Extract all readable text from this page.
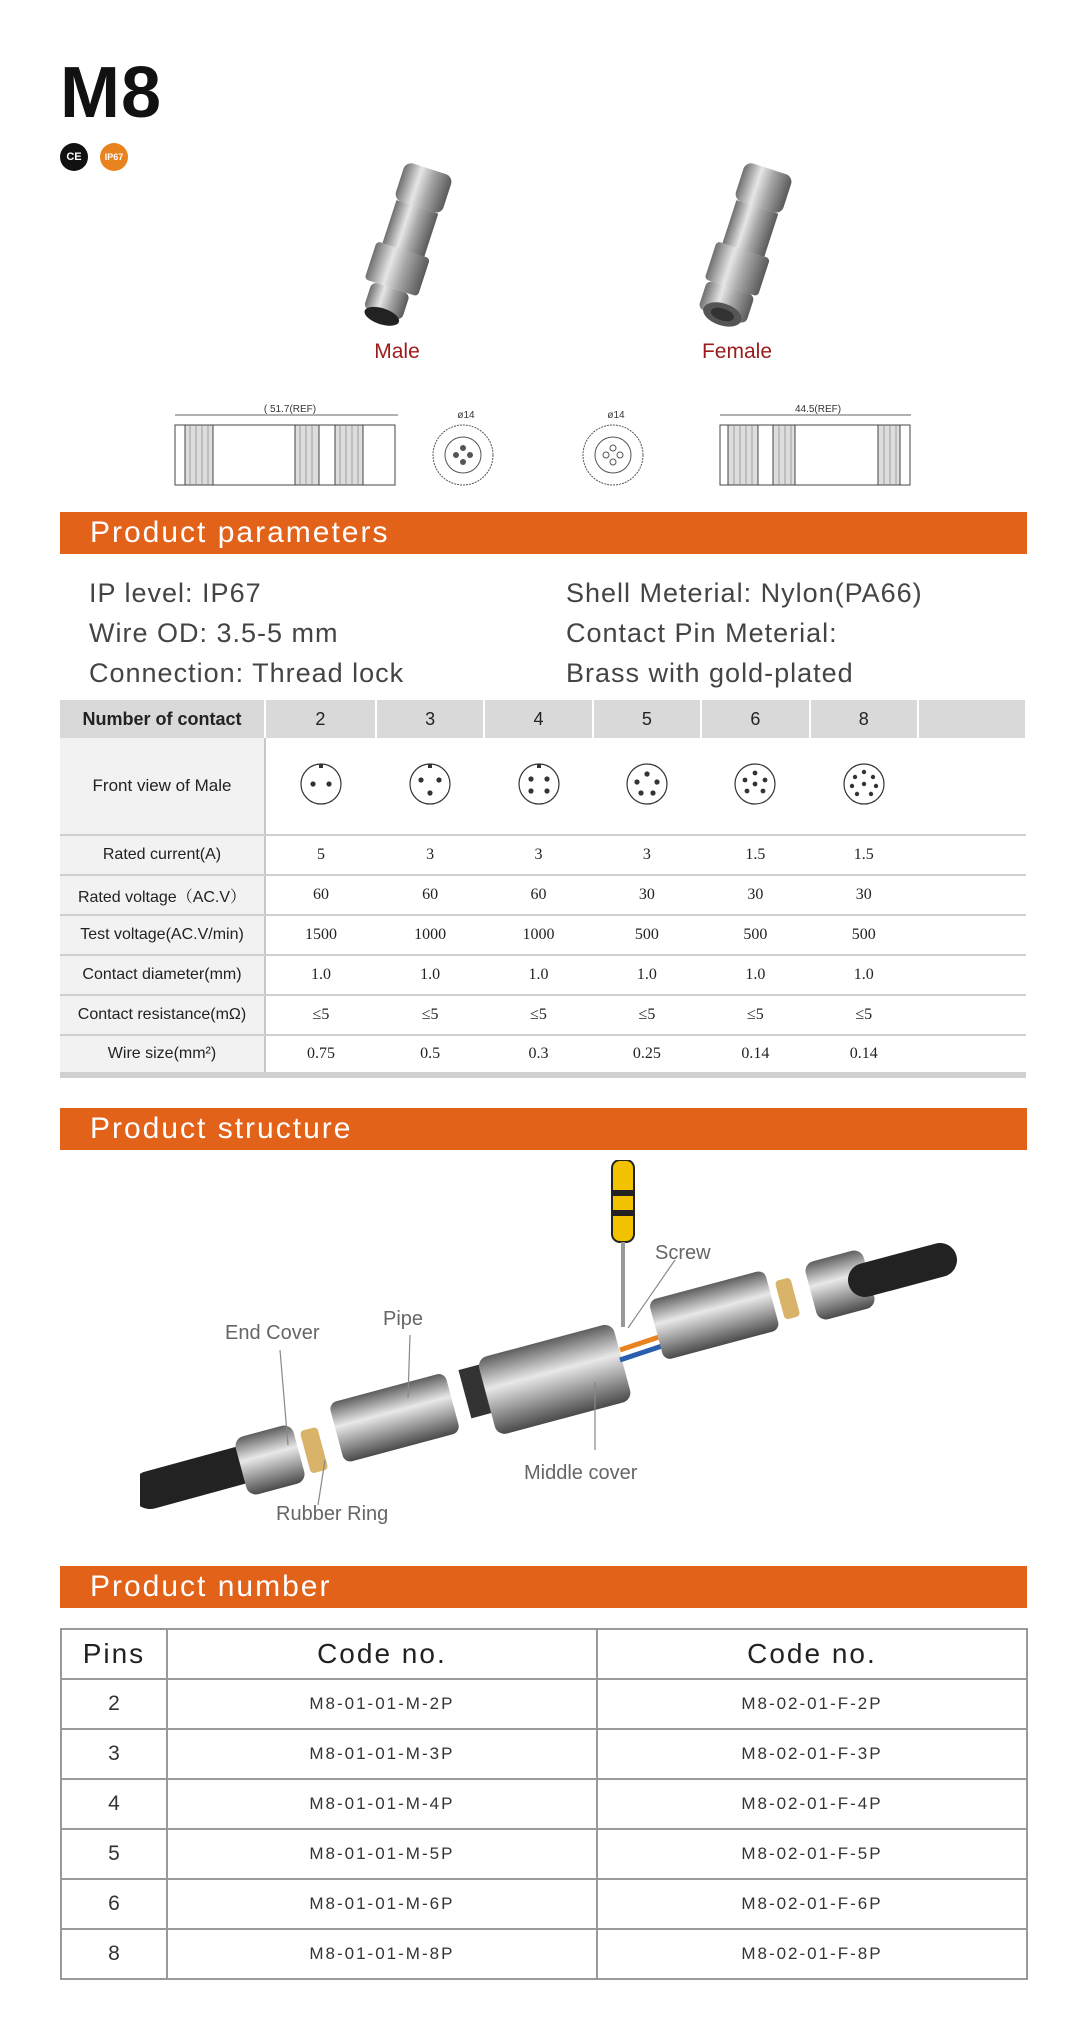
M8
CE	IP67
Male	Female
( 51.7(REF)
ø14	ø14
44.5(REF)
Product parameters
IP level: IP67
Wire OD: 3.5-5 mm
Connection: Thread lock
Shell Meterial: Nylon(PA66)
Contact Pin Meterial:
Brass with gold-plated
Number of contact	2	3	4	5	6	8	
Front view of Male							
Rated current(A)	5	3	3	3	1.5	1.5	
Rated voltage（AC.V）	60	60	60	30	30	30	
Test voltage(AC.V/min)	1500	1000	1000	500	500	500	
Contact diameter(mm)	1.0	1.0	1.0	1.0	1.0	1.0	
Contact resistance(mΩ)	≤5	≤5	≤5	≤5	≤5	≤5	
Wire size(mm²)	0.75	0.5	0.3	0.25	0.14	0.14	
Product structure
Screw
End Cover
Pipe
Middle cover
Rubber Ring
Product number
Pins	Code no.	Code no.
2	M8-01-01-M-2P	M8-02-01-F-2P
3	M8-01-01-M-3P	M8-02-01-F-3P
4	M8-01-01-M-4P	M8-02-01-F-4P
5	M8-01-01-M-5P	M8-02-01-F-5P
6	M8-01-01-M-6P	M8-02-01-F-6P
8	M8-01-01-M-8P	M8-02-01-F-8P
